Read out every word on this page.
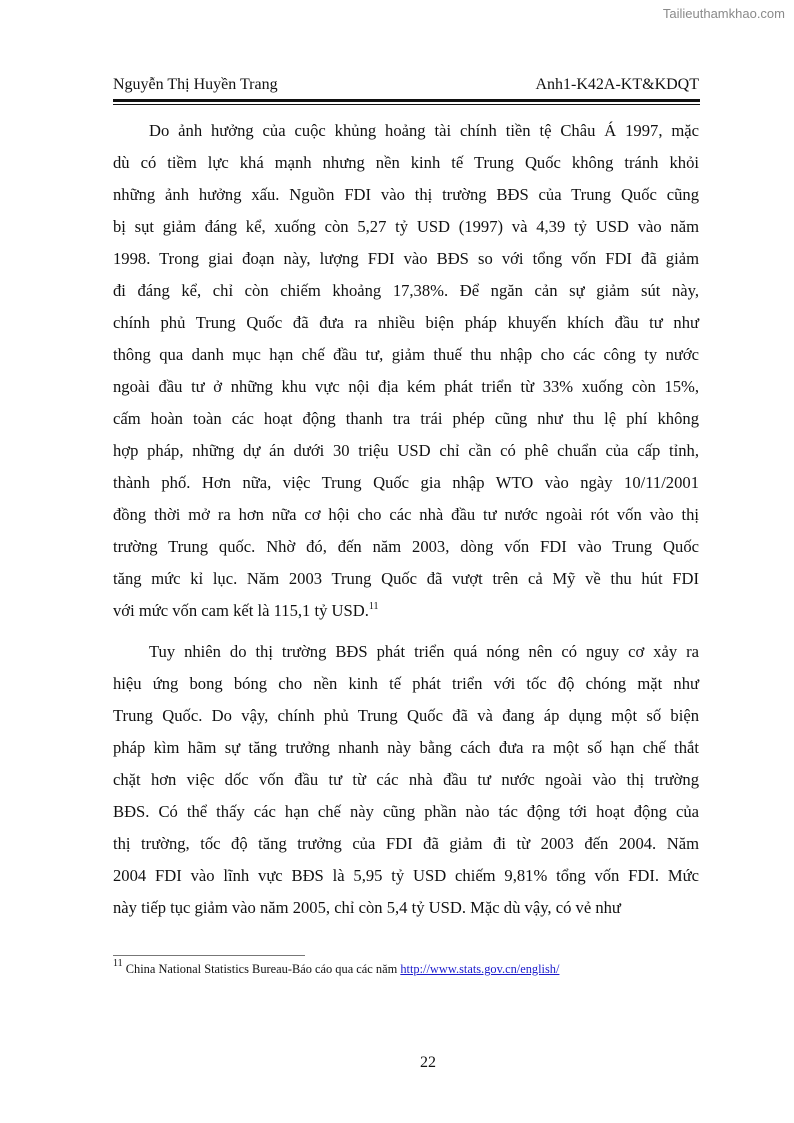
Tailieuthamkhao.com
Nguyễn Thị Huyền Trang	Anh1-K42A-KT&KDQT
Do ảnh hưởng của cuộc khủng hoảng tài chính tiền tệ Châu Á 1997, mặc
dù có tiềm lực khá mạnh nhưng nền kinh tế Trung Quốc không tránh khỏi
những ảnh hưởng xấu. Nguồn FDI vào thị trường BĐS của Trung Quốc cũng
bị sụt giảm đáng kể, xuống còn 5,27 tỷ USD (1997) và 4,39 tỷ USD vào năm
1998. Trong giai đoạn này, lượng FDI vào BĐS so với tổng vốn FDI đã giảm
đi đáng kể, chỉ còn chiếm khoảng 17,38%. Để ngăn cản sự giảm sút này,
chính phủ Trung Quốc đã đưa ra nhiều biện pháp khuyến khích đầu tư như
thông qua danh mục hạn chế đầu tư, giảm thuế thu nhập cho các công ty nước
ngoài đầu tư ở những khu vực nội địa kém phát triển từ 33% xuống còn 15%,
cấm hoàn toàn các hoạt động thanh tra trái phép cũng như thu lệ phí không
hợp pháp, những dự án dưới 30 triệu USD chỉ cần có phê chuẩn của cấp tỉnh,
thành phố. Hơn nữa, việc Trung Quốc gia nhập WTO vào ngày 10/11/2001
đồng thời mở ra hơn nữa cơ hội cho các nhà đầu tư nước ngoài rót vốn vào thị
trường Trung quốc. Nhờ đó, đến năm 2003, dòng vốn FDI vào Trung Quốc
tăng mức kỉ lục. Năm 2003 Trung Quốc đã vượt trên cả Mỹ về thu hút FDI
với mức vốn cam kết là 115,1 tỷ USD.$^{11}$
Tuy nhiên do thị trường BĐS phát triển quá nóng nên có nguy cơ xảy ra
hiệu ứng bong bóng cho nền kinh tế phát triển với tốc độ chóng mặt như
Trung Quốc. Do vậy, chính phủ Trung Quốc đã và đang áp dụng một số biện
pháp kìm hãm sự tăng trưởng nhanh này bằng cách đưa ra một số hạn chế thắt
chặt hơn việc dốc vốn đầu tư từ các nhà đầu tư nước ngoài vào thị trường
BĐS. Có thể thấy các hạn chế này cũng phần nào tác động tới hoạt động của
thị trường, tốc độ tăng trưởng của FDI đã giảm đi từ 2003 đến 2004. Năm
2004 FDI vào lĩnh vực BĐS là 5,95 tỷ USD chiếm 9,81% tổng vốn FDI. Mức
này tiếp tục giảm vào năm 2005, chỉ còn 5,4 tỷ USD. Mặc dù vậy, có vẻ như
$^{11}$ China National Statistics Bureau-Báo cáo qua các năm http://www.stats.gov.cn/english/
22
